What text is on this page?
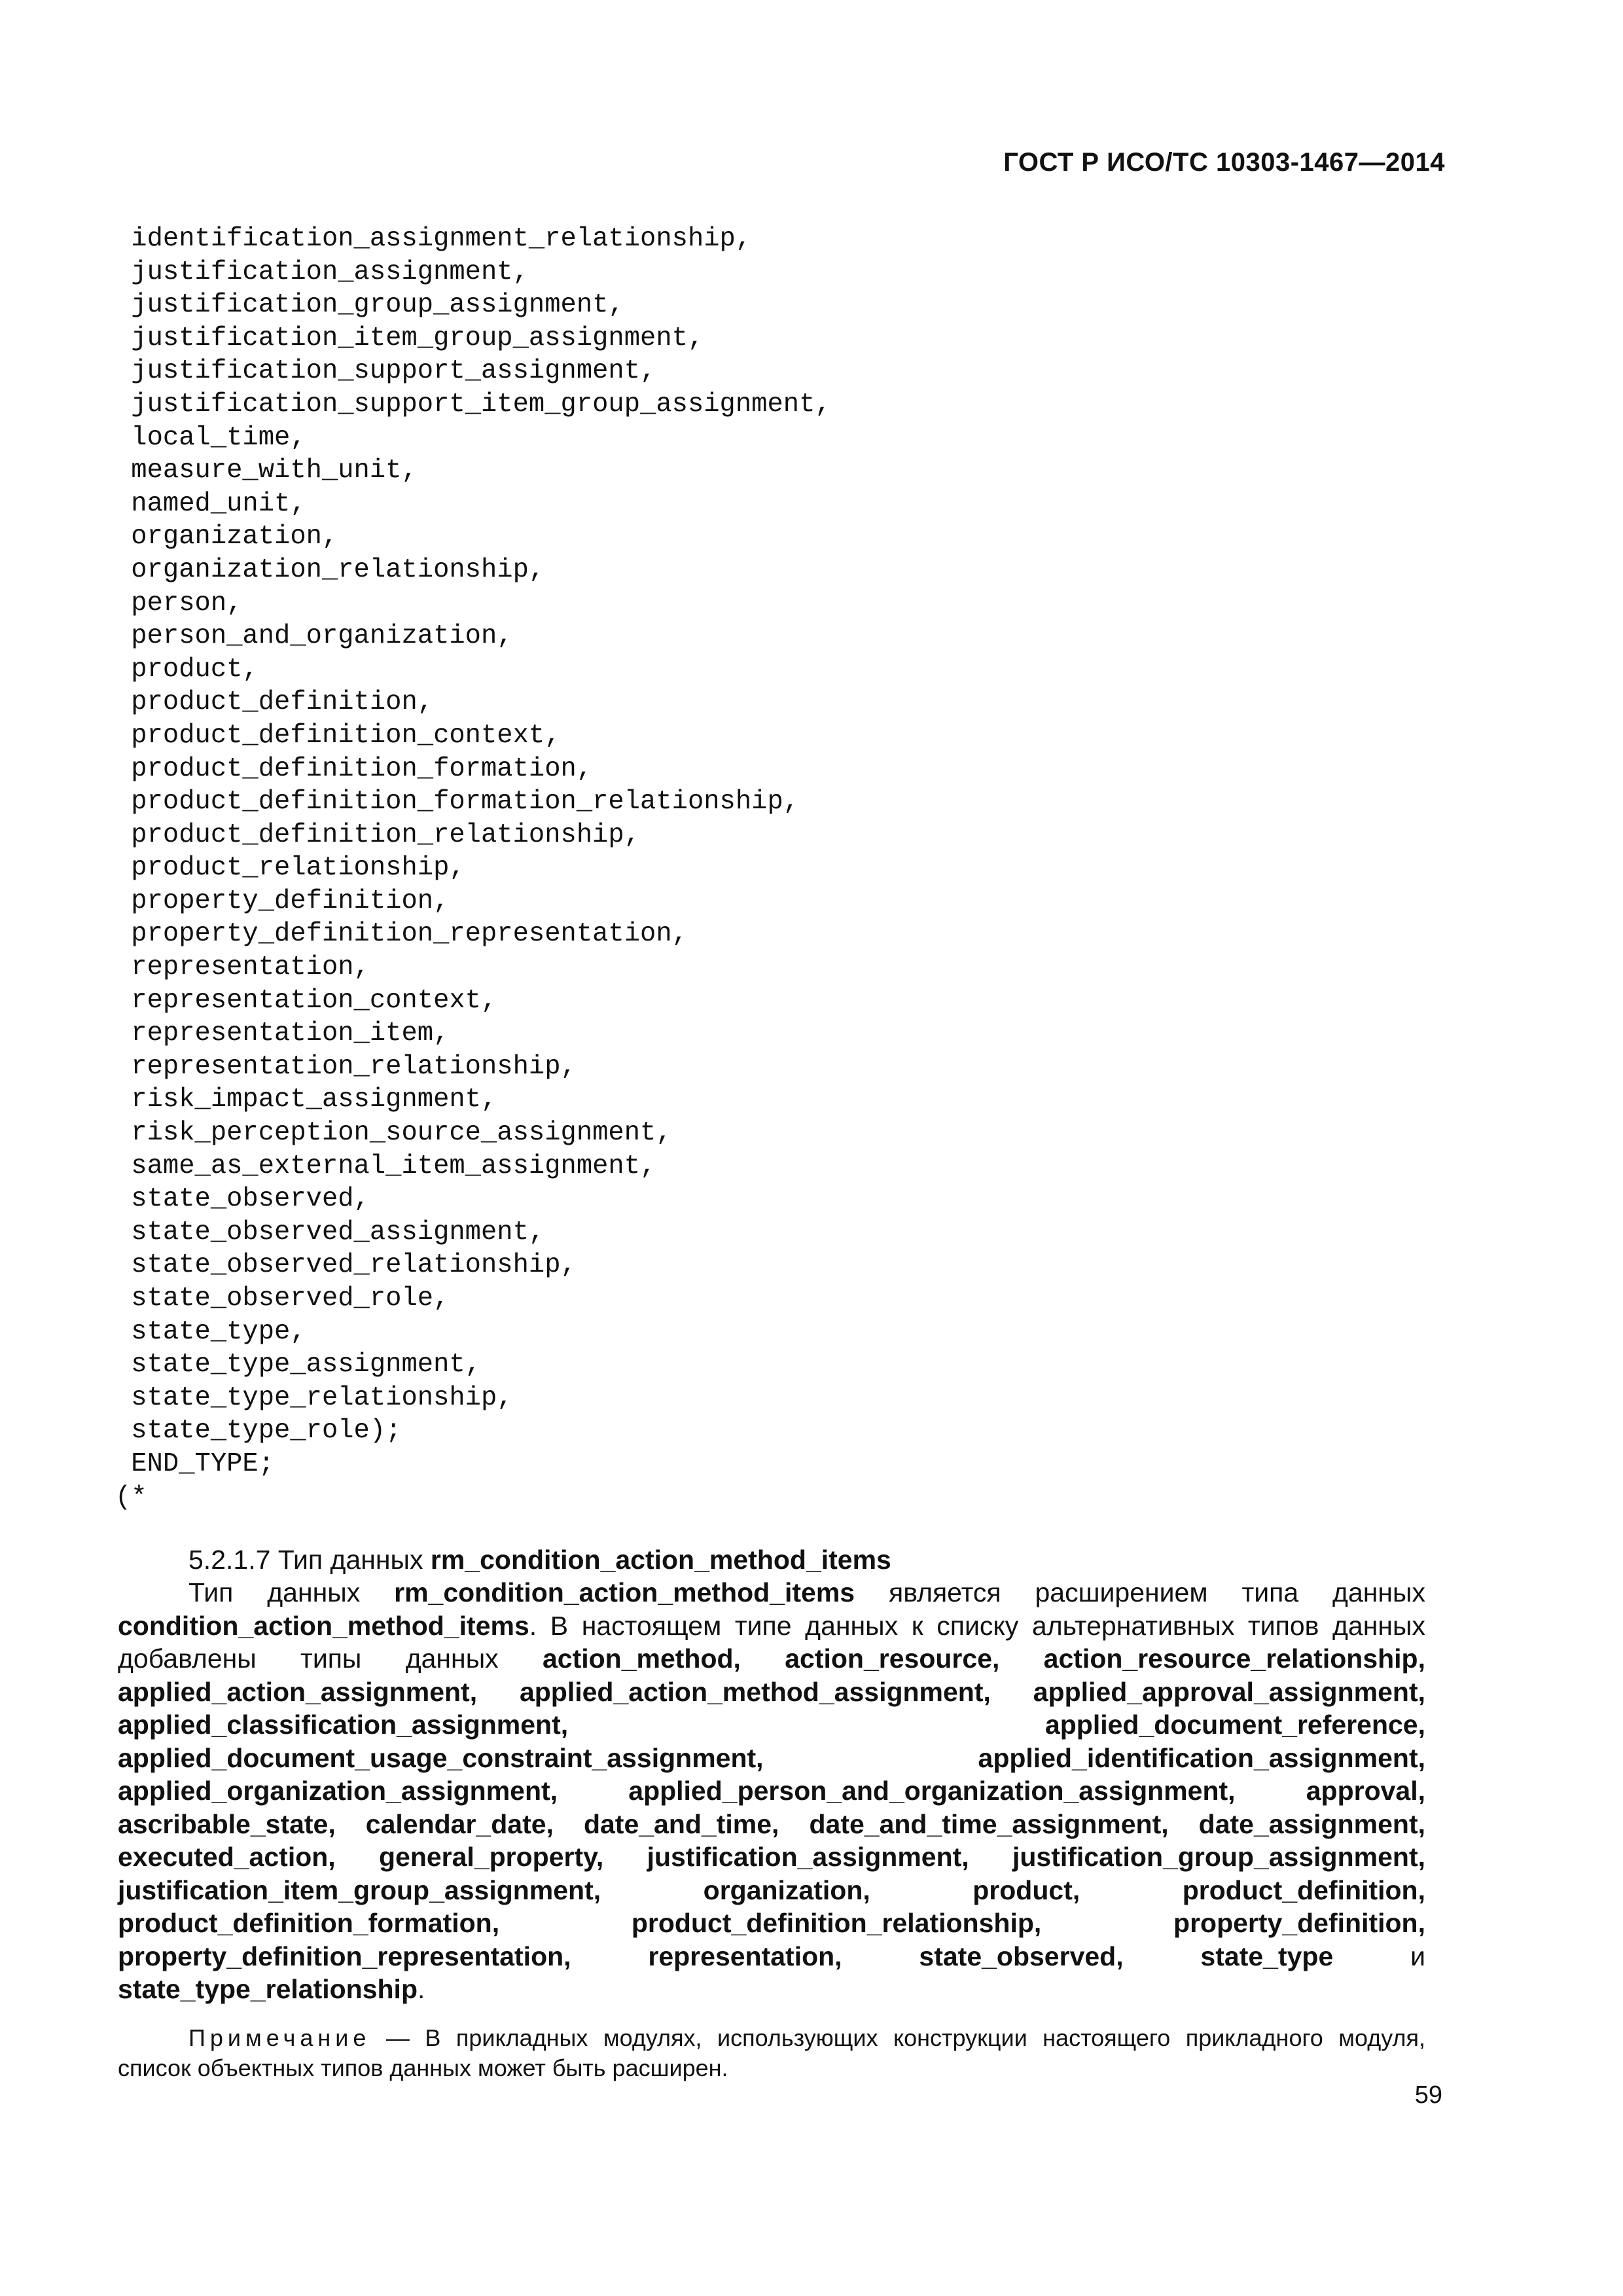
ГОСТ Р ИСО/ТС 10303-1467—2014
identification_assignment_relationship,
justification_assignment,
justification_group_assignment,
justification_item_group_assignment,
justification_support_assignment,
justification_support_item_group_assignment,
local_time,
measure_with_unit,
named_unit,
organization,
organization_relationship,
person,
person_and_organization,
product,
product_definition,
product_definition_context,
product_definition_formation,
product_definition_formation_relationship,
product_definition_relationship,
product_relationship,
property_definition,
property_definition_representation,
representation,
representation_context,
representation_item,
representation_relationship,
risk_impact_assignment,
risk_perception_source_assignment,
same_as_external_item_assignment,
state_observed,
state_observed_assignment,
state_observed_relationship,
state_observed_role,
state_type,
state_type_assignment,
state_type_relationship,
state_type_role);
END_TYPE;
(*

5.2.1.7 Тип данных rm_condition_action_method_items

Тип данных rm_condition_action_method_items является расширением типа данных condition_action_method_items. В настоящем типе данных к списку альтернативных типов данных добавлены типы данных action_method, action_resource, action_resource_relationship, applied_action_assignment, applied_action_method_assignment, applied_approval_assignment, applied_classification_assignment, applied_document_reference, applied_document_usage_constraint_assignment, applied_identification_assignment, applied_organization_assignment, applied_person_and_organization_assignment, approval, ascribable_state, calendar_date, date_and_time, date_and_time_assignment, date_assignment, executed_action, general_property, justification_assignment, justification_group_assignment, justification_item_group_assignment, organization, product, product_definition, product_definition_formation, product_definition_relationship, property_definition, property_definition_representation, representation, state_observed, state_type и state_type_relationship.

Примечание — В прикладных модулях, использующих конструкции настоящего прикладного модуля, список объектных типов данных может быть расширен.

59
